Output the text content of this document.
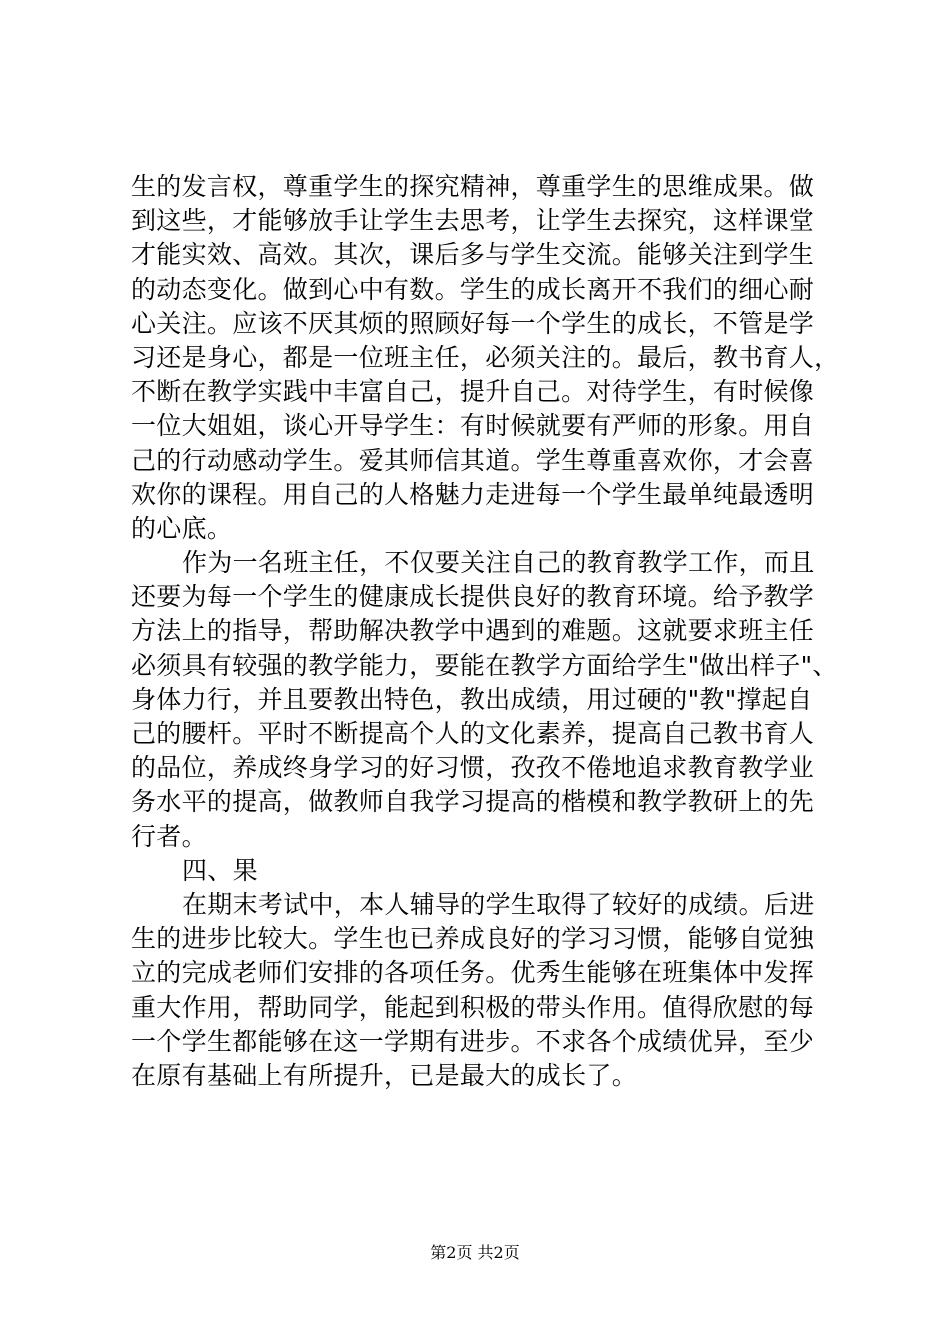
生的发言权，尊重学生的探究精神，尊重学生的思维成果。做
到这些，才能够放手让学生去思考，让学生去探究，这样课堂
才能实效、高效。其次，课后多与学生交流。能够关注到学生
的动态变化。做到心中有数。学生的成长离开不我们的细心耐
心关注。应该不厌其烦的照顾好每一个学生的成长，不管是学
习还是身心，都是一位班主任，必须关注的。最后，教书育人，
不断在教学实践中丰富自己，提升自己。对待学生，有时候像
一位大姐姐，谈心开导学生：有时候就要有严师的形象。用自
己的行动感动学生。爱其师信其道。学生尊重喜欢你，才会喜
欢你的课程。用自己的人格魅力走进每一个学生最单纯最透明
的心底。
作为一名班主任，不仅要关注自己的教育教学工作，而且
还要为每一个学生的健康成长提供良好的教育环境。给予教学
方法上的指导，帮助解决教学中遇到的难题。这就要求班主任
必须具有较强的教学能力，要能在教学方面给学生"做出样子"、
身体力行，并且要教出特色，教出成绩，用过硬的"教"撑起自
己的腰杆。平时不断提高个人的文化素养，提高自己教书育人
的品位，养成终身学习的好习惯，孜孜不倦地追求教育教学业
务水平的提高，做教师自我学习提高的楷模和教学教研上的先
行者。
四、果
在期末考试中，本人辅导的学生取得了较好的成绩。后进
生的进步比较大。学生也已养成良好的学习习惯，能够自觉独
立的完成老师们安排的各项任务。优秀生能够在班集体中发挥
重大作用，帮助同学，能起到积极的带头作用。值得欣慰的每
一个学生都能够在这一学期有进步。不求各个成绩优异，至少
在原有基础上有所提升，已是最大的成长了。
第2页 共2页
